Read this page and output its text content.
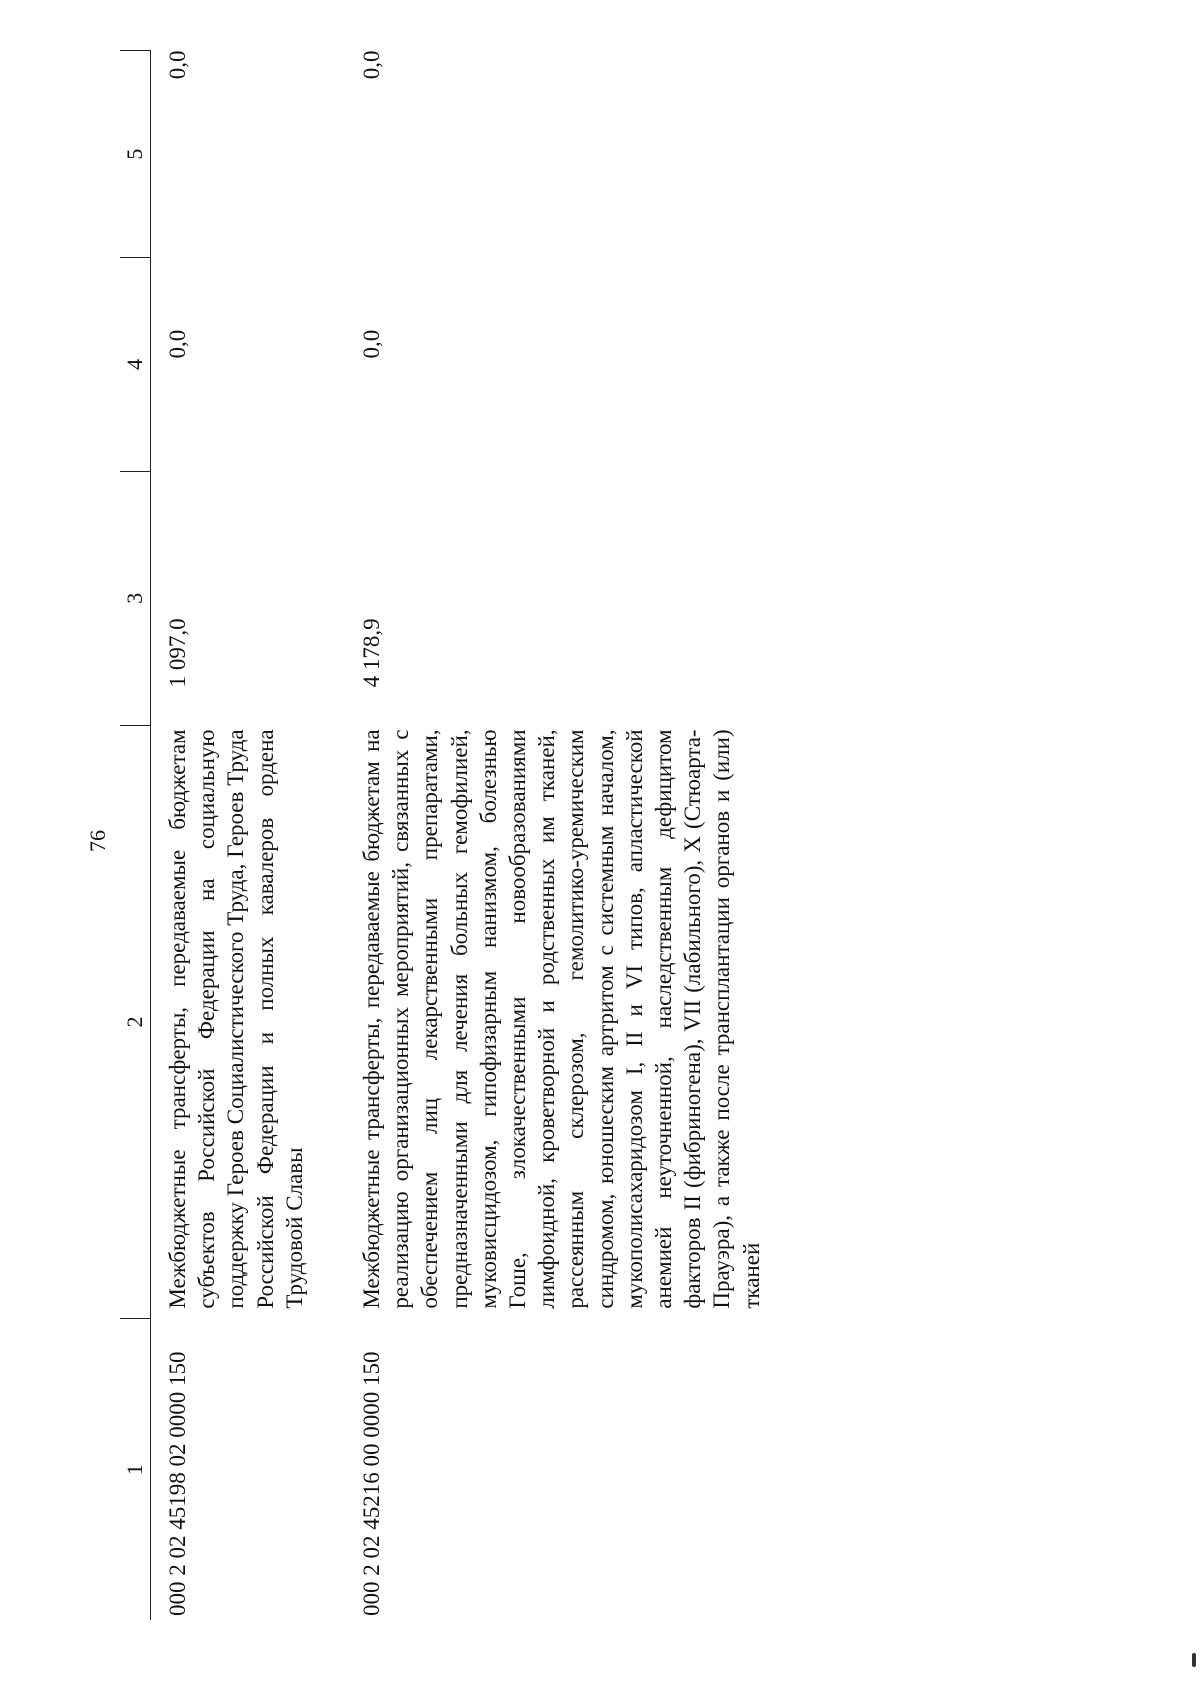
76
1	2	3	4	5
000 2 02 45198 02 0000 150	Межбюджетные трансферты, передаваемые бюджетам субъектов Российской Федерации на социальную поддержку Героев Социалистического Труда, Героев Труда Российской Федерации и полных кавалеров ордена Трудовой Славы	1 097,0	0,0	0,0
000 2 02 45216 00 0000 150	Межбюджетные трансферты, передаваемые бюджетам на реализацию организационных мероприятий, связанных с обеспечением лиц лекарственными препаратами, предназначенными для лечения больных гемофилией, муковисцидозом, гипофизарным нанизмом, болезнью Гоше, злокачественными новообразованиями лимфоидной, кроветворной и родственных им тканей, рассеянным склерозом, гемолитико-уремическим синдромом, юношеским артритом с системным началом, мукополисахаридозом I, II и VI типов, апластической анемией неуточненной, наследственным дефицитом факторов II (фибриногена), VII (лабильного), X (Стюарта-Прауэра), а также после трансплантации органов и (или) тканей	4 178,9	0,0	0,0
